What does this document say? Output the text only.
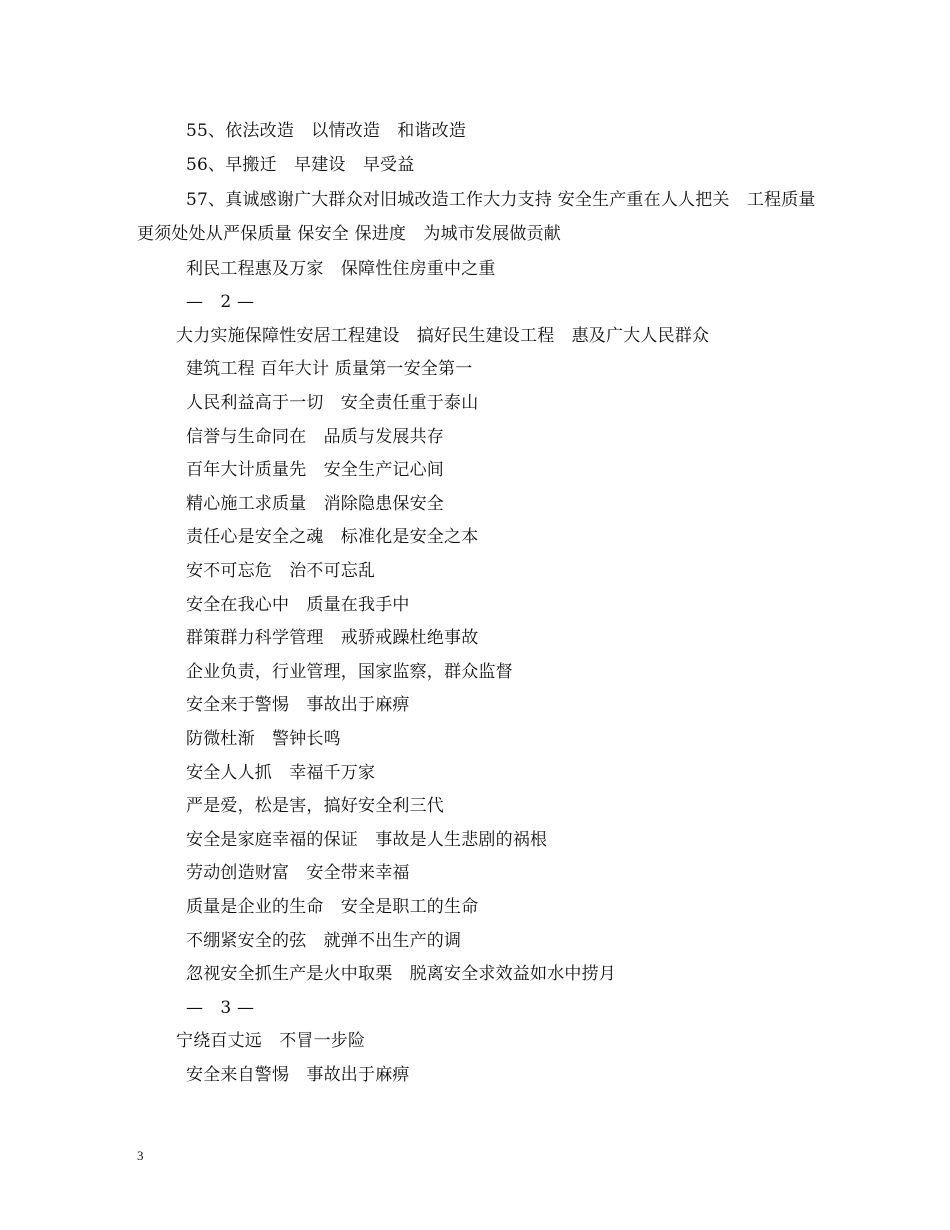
55、依法改造　以情改造　和谐改造
56、早搬迁　早建设　早受益
57、真诚感谢广大群众对旧城改造工作大力支持 安全生产重在人人把关　工程质量更须处处从严保质量 保安全 保进度　为城市发展做贡献
利民工程惠及万家　保障性住房重中之重
—　2 —
大力实施保障性安居工程建设　搞好民生建设工程　惠及广大人民群众
建筑工程 百年大计 质量第一安全第一
人民利益高于一切　安全责任重于泰山
信誉与生命同在　品质与发展共存
百年大计质量先　安全生产记心间
精心施工求质量　消除隐患保安全
责任心是安全之魂　标准化是安全之本
安不可忘危　治不可忘乱
安全在我心中　质量在我手中
群策群力科学管理　戒骄戒躁杜绝事故
企业负责，行业管理，国家监察，群众监督
安全来于警惕　事故出于麻痹
防微杜渐　警钟长鸣
安全人人抓　幸福千万家
严是爱，松是害，搞好安全利三代
安全是家庭幸福的保证　事故是人生悲剧的祸根
劳动创造财富　安全带来幸福
质量是企业的生命　安全是职工的生命
不绷紧安全的弦　就弹不出生产的调
忽视安全抓生产是火中取栗　脱离安全求效益如水中捞月
—　3 —
宁绕百丈远　不冒一步险
安全来自警惕　事故出于麻痹
3
